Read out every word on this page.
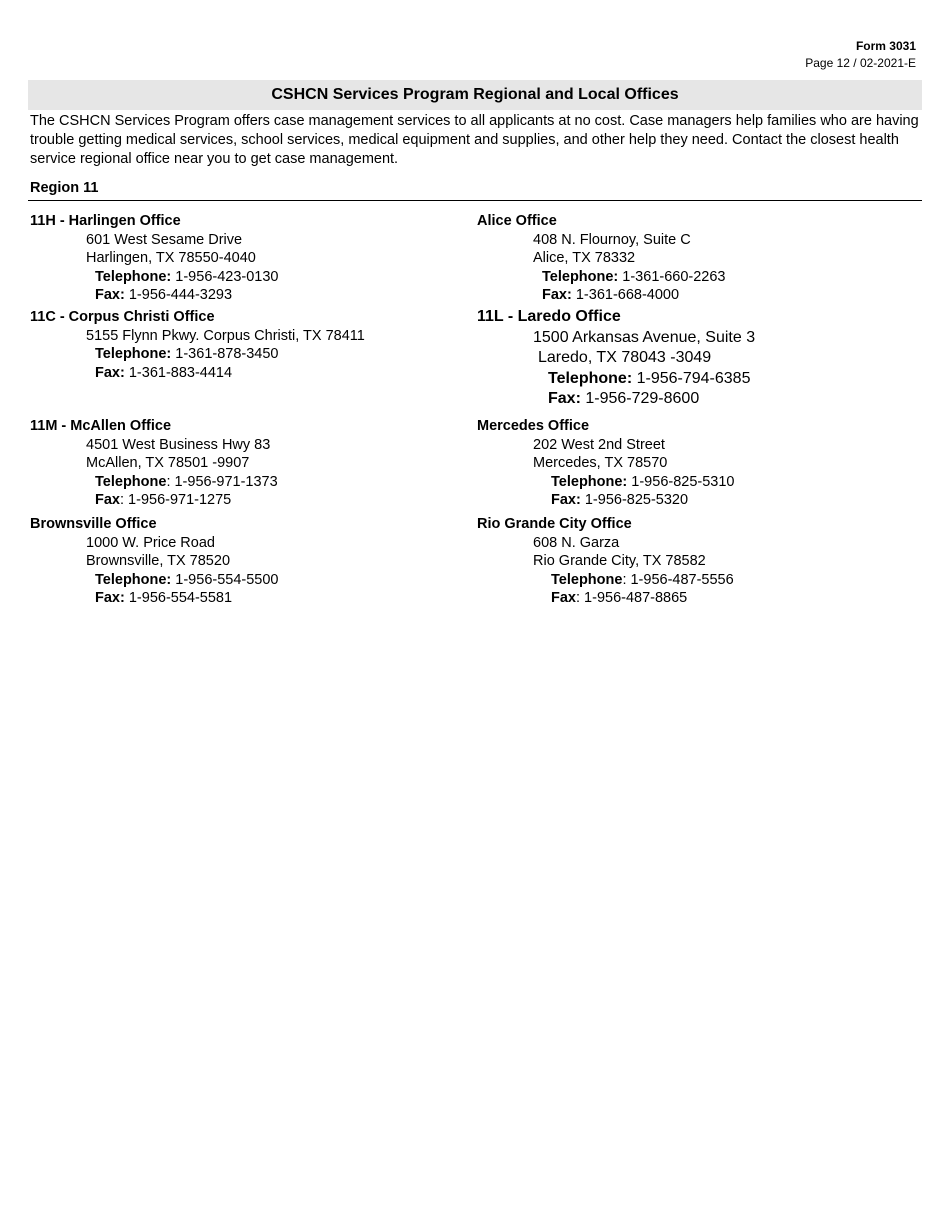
Form 3031
Page 12 / 02-2021-E
CSHCN Services Program Regional and Local Offices
The CSHCN Services Program offers case management services to all applicants at no cost. Case managers help families who are having trouble getting medical services, school services, medical equipment and supplies, and other help they need. Contact the closest health service regional office near you to get case management.
Region 11
11H - Harlingen Office
601 West Sesame Drive
Harlingen, TX 78550-4040
Telephone: 1-956-423-0130
Fax: 1-956-444-3293
11C - Corpus Christi Office
5155 Flynn Pkwy. Corpus Christi, TX 78411
Telephone: 1-361-878-3450
Fax: 1-361-883-4414
11M - McAllen Office
4501 West Business Hwy 83
McAllen, TX 78501 -9907
Telephone: 1-956-971-1373
Fax: 1-956-971-1275
Brownsville Office
1000 W. Price Road
Brownsville, TX 78520
Telephone: 1-956-554-5500
Fax: 1-956-554-5581
Alice Office
408 N. Flournoy, Suite C
Alice, TX 78332
Telephone: 1-361-660-2263
Fax: 1-361-668-4000
11L - Laredo Office
1500 Arkansas Avenue, Suite 3
Laredo, TX 78043 -3049
Telephone: 1-956-794-6385
Fax: 1-956-729-8600
Mercedes Office
202 West 2nd Street
Mercedes, TX 78570
Telephone: 1-956-825-5310
Fax: 1-956-825-5320
Rio Grande City Office
608 N. Garza
Rio Grande City, TX 78582
Telephone: 1-956-487-5556
Fax: 1-956-487-8865
